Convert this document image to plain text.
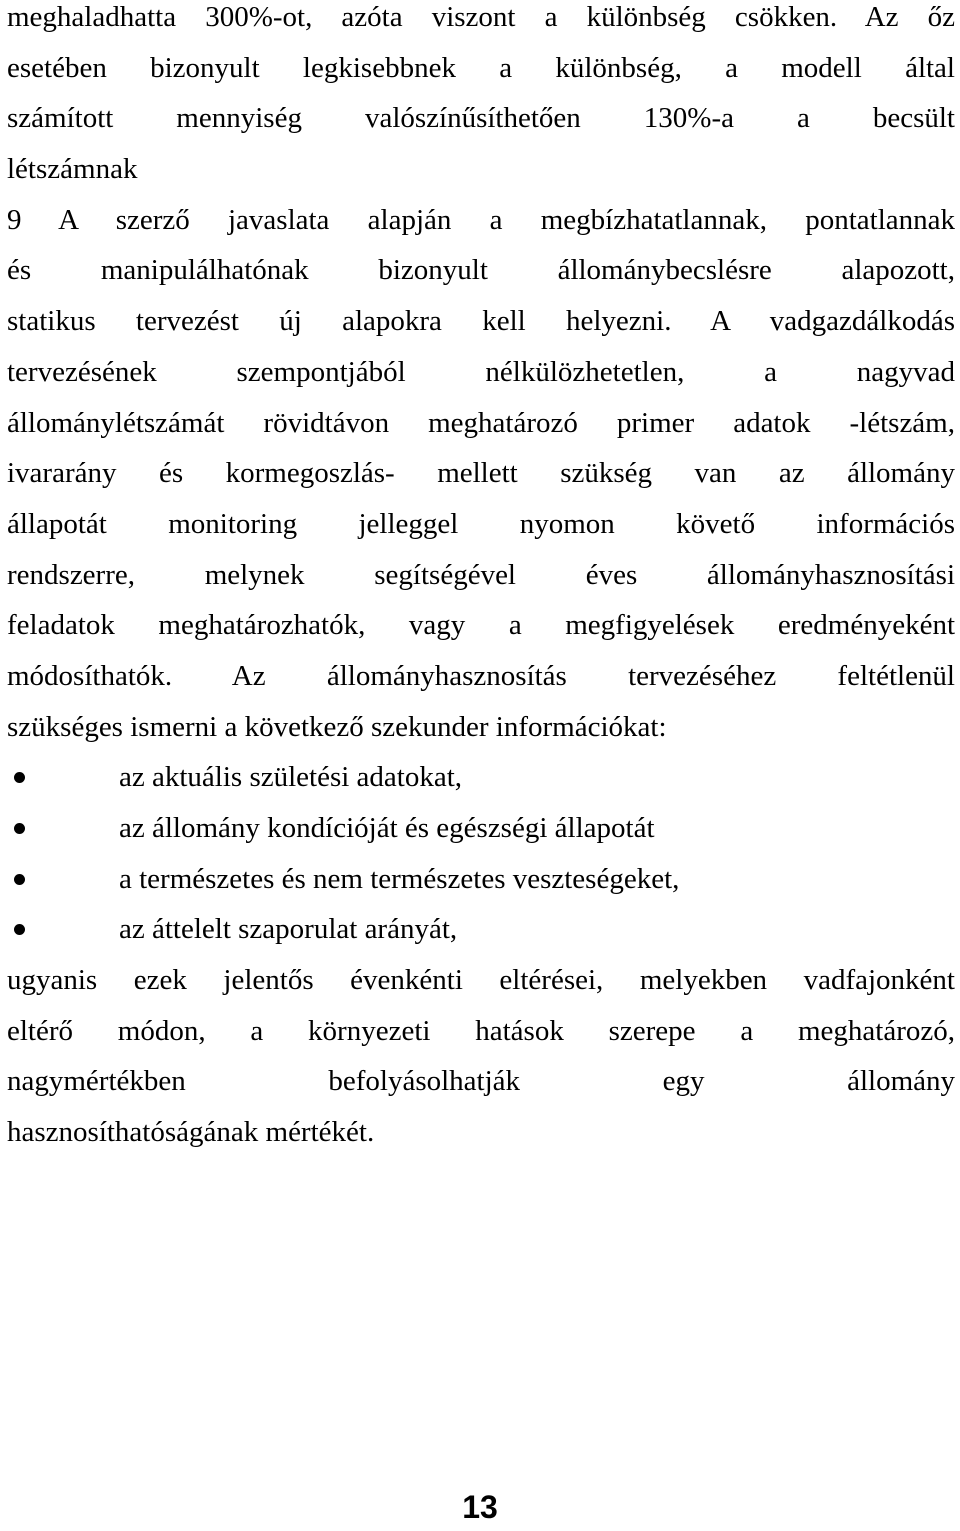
meghaladhatta 300%-ot, azóta viszont a különbség csökken. Az őz
esetében bizonyult legkisebbnek a különbség, a modell által
számított mennyiség valószínűsíthetően 130%-a a becsült
létszámnak

9 A szerző javaslata alapján a megbízhatatlannak, pontatlannak
és manipulálhatónak bizonyult állománybecslésre alapozott,
statikus tervezést új alapokra kell helyezni. A vadgazdálkodás
tervezésének szempontjából nélkülözhetetlen, a nagyvad
állománylétszámát rövidtávon meghatározó primer adatok -létszám,
ivararány és kormegoszlás- mellett szükség van az állomány
állapotát monitoring jelleggel nyomon követő információs
rendszerre, melynek segítségével éves állományhasznosítási
feladatok meghatározhatók, vagy a megfigyelések eredményeként
módosíthatók. Az állományhasznosítás tervezéséhez feltétlenül
szükséges ismerni a következő szekunder információkat:

az aktuális születési adatokat,
az állomány kondícióját és egészségi állapotát
a természetes és nem természetes veszteségeket,
az áttelelt szaporulat arányát,

ugyanis ezek jelentős évenkénti eltérései, melyekben vadfajonként
eltérő módon, a környezeti hatások szerepe a meghatározó,
nagymértékben befolyásolhatják egy állomány
hasznosíthatóságának mértékét.

13
